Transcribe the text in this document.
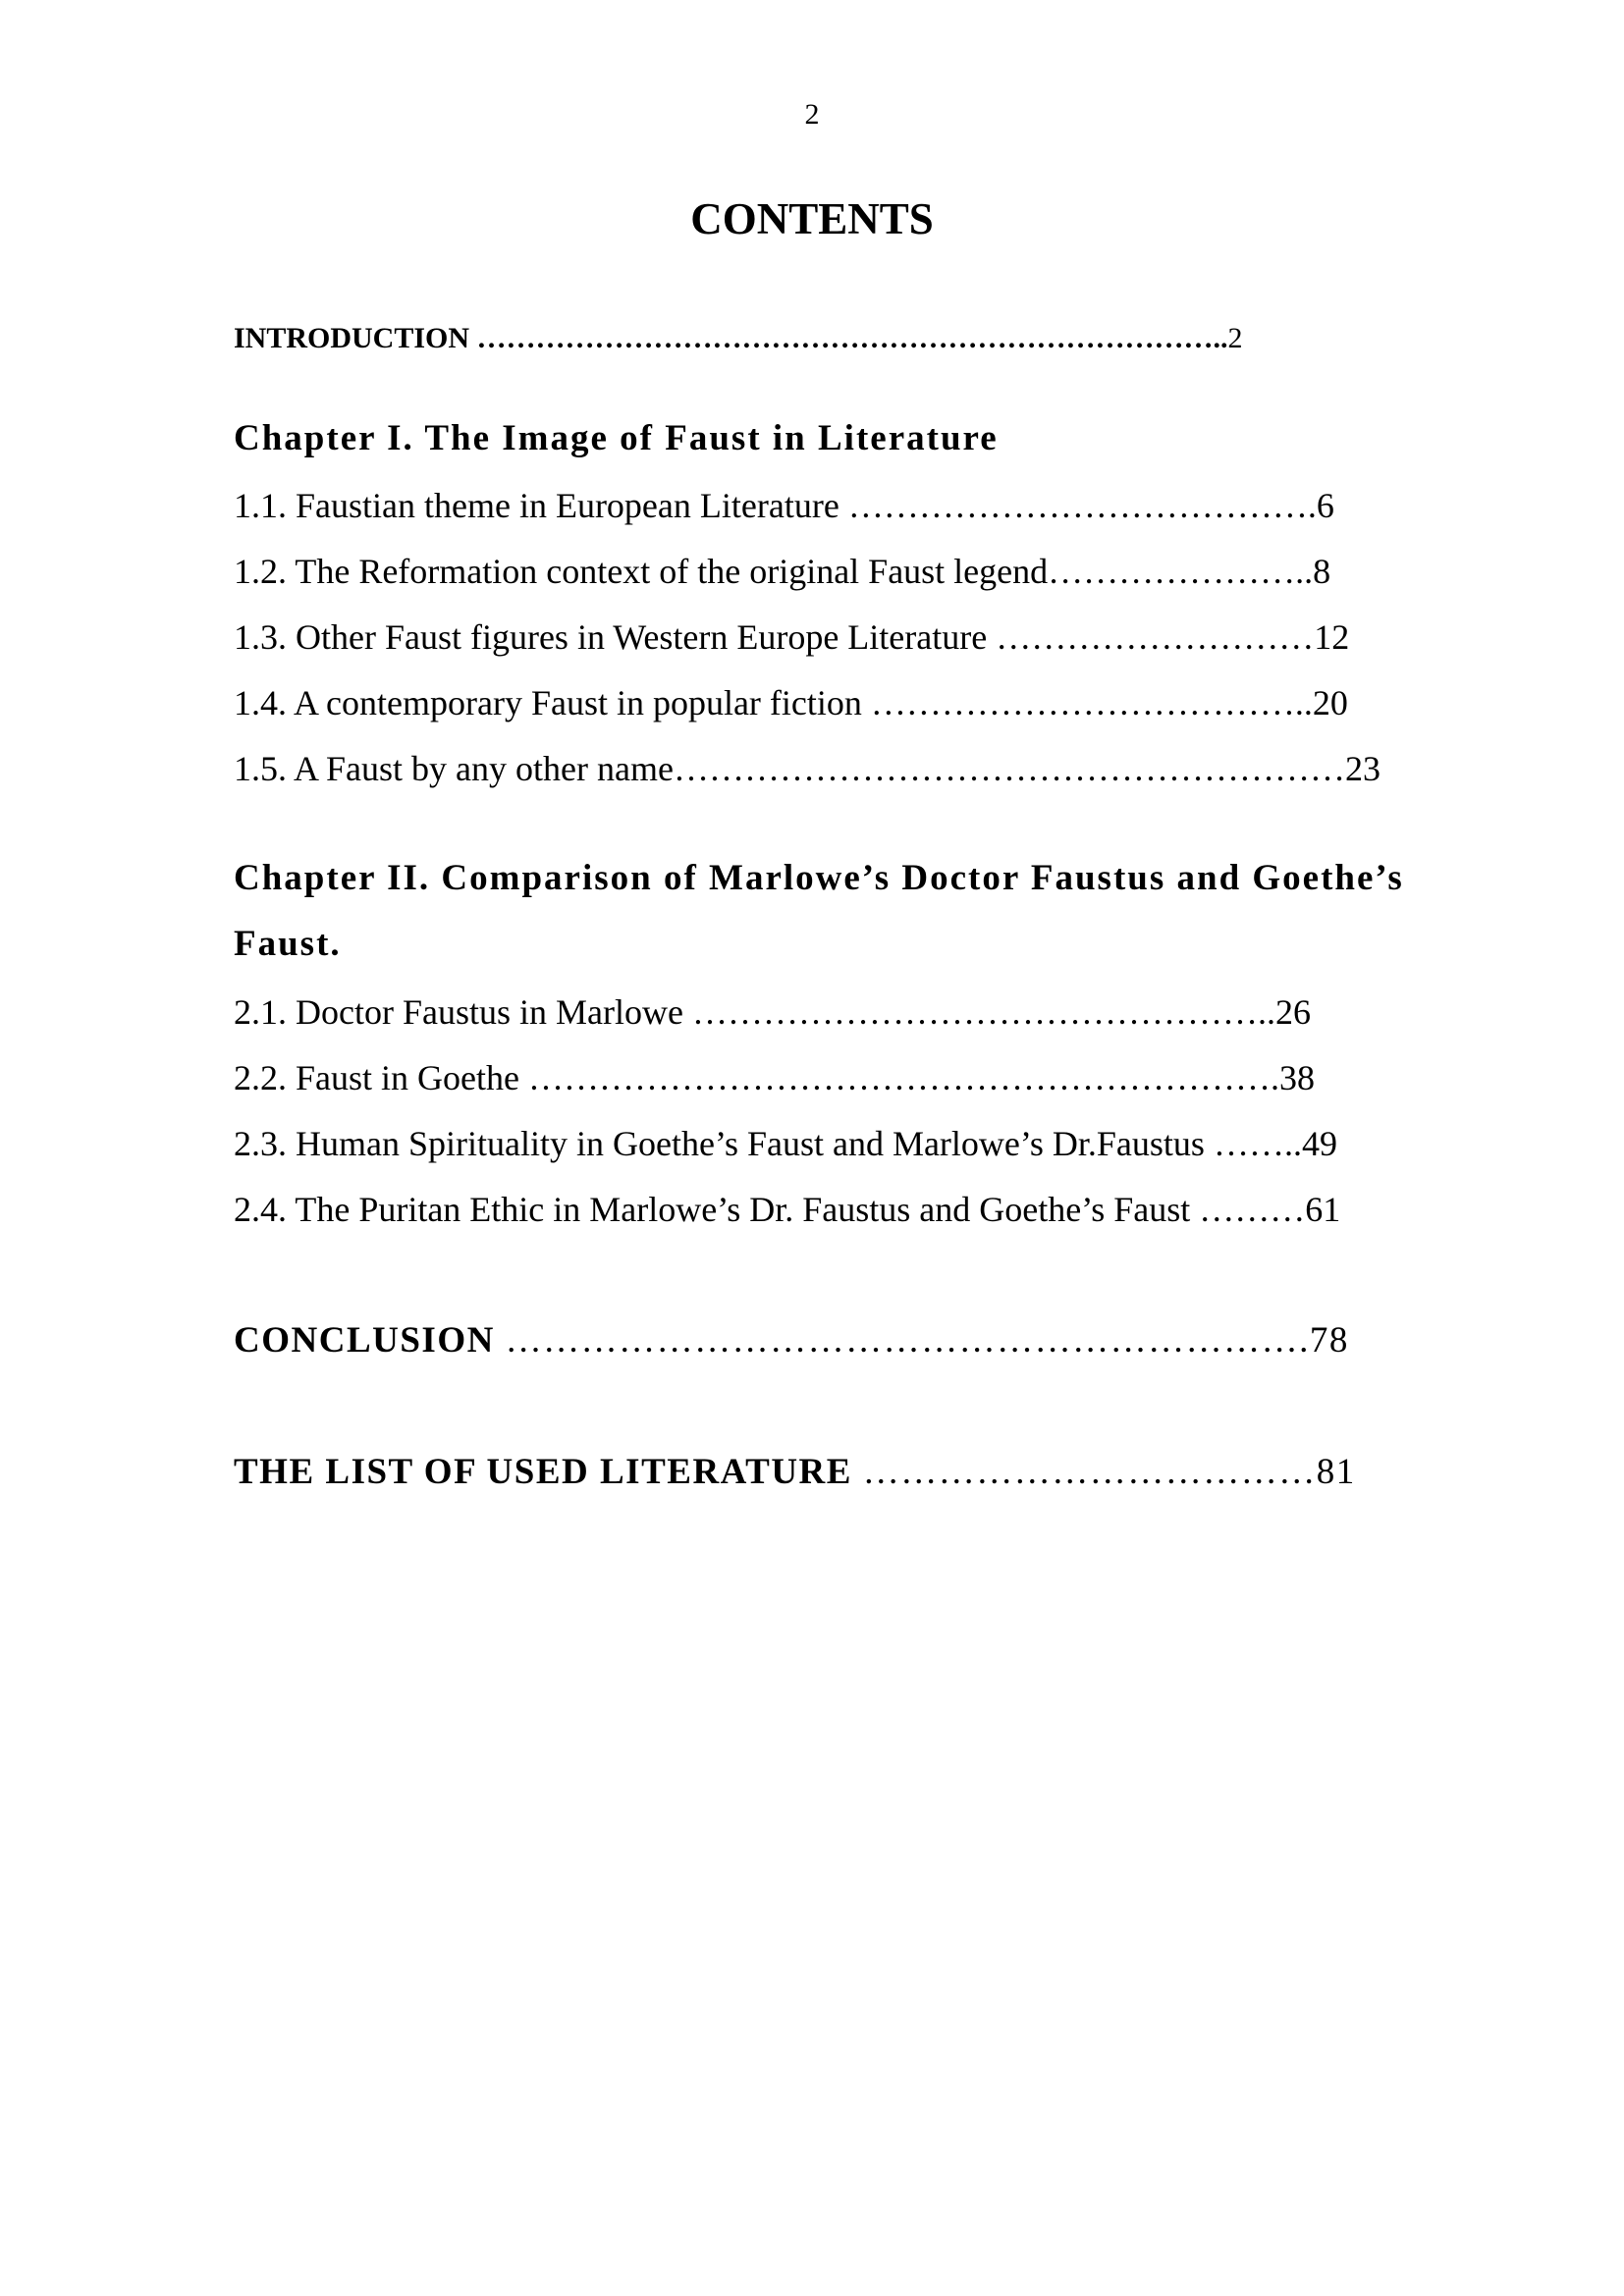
2
CONTENTS
INTRODUCTION …………………………………………………………………..2
Chapter I. The Image of Faust in Literature
1.1. Faustian theme in European Literature ………………………………….6
1.2. The Reformation context of the original Faust legend…………………..8
1.3. Other Faust figures in Western Europe Literature ………………………12
1.4. A contemporary Faust in popular fiction ………………………………..20
1.5. A Faust by any other name…………………………………………………23
Chapter II. Comparison of Marlowe’s Doctor Faustus and Goethe’s
Faust.
2.1. Doctor Faustus in Marlowe …………………………………………..26
2.2. Faust in Goethe ……………………………………………………….38
2.3. Human Spirituality in Goethe’s Faust and Marlowe’s Dr.Faustus ……..49
2.4. The Puritan Ethic in Marlowe’s Dr. Faustus and Goethe’s Faust ………61
CONCLUSION ……………………………………………………….78
THE LIST OF USED LITERATURE ………………………………81
